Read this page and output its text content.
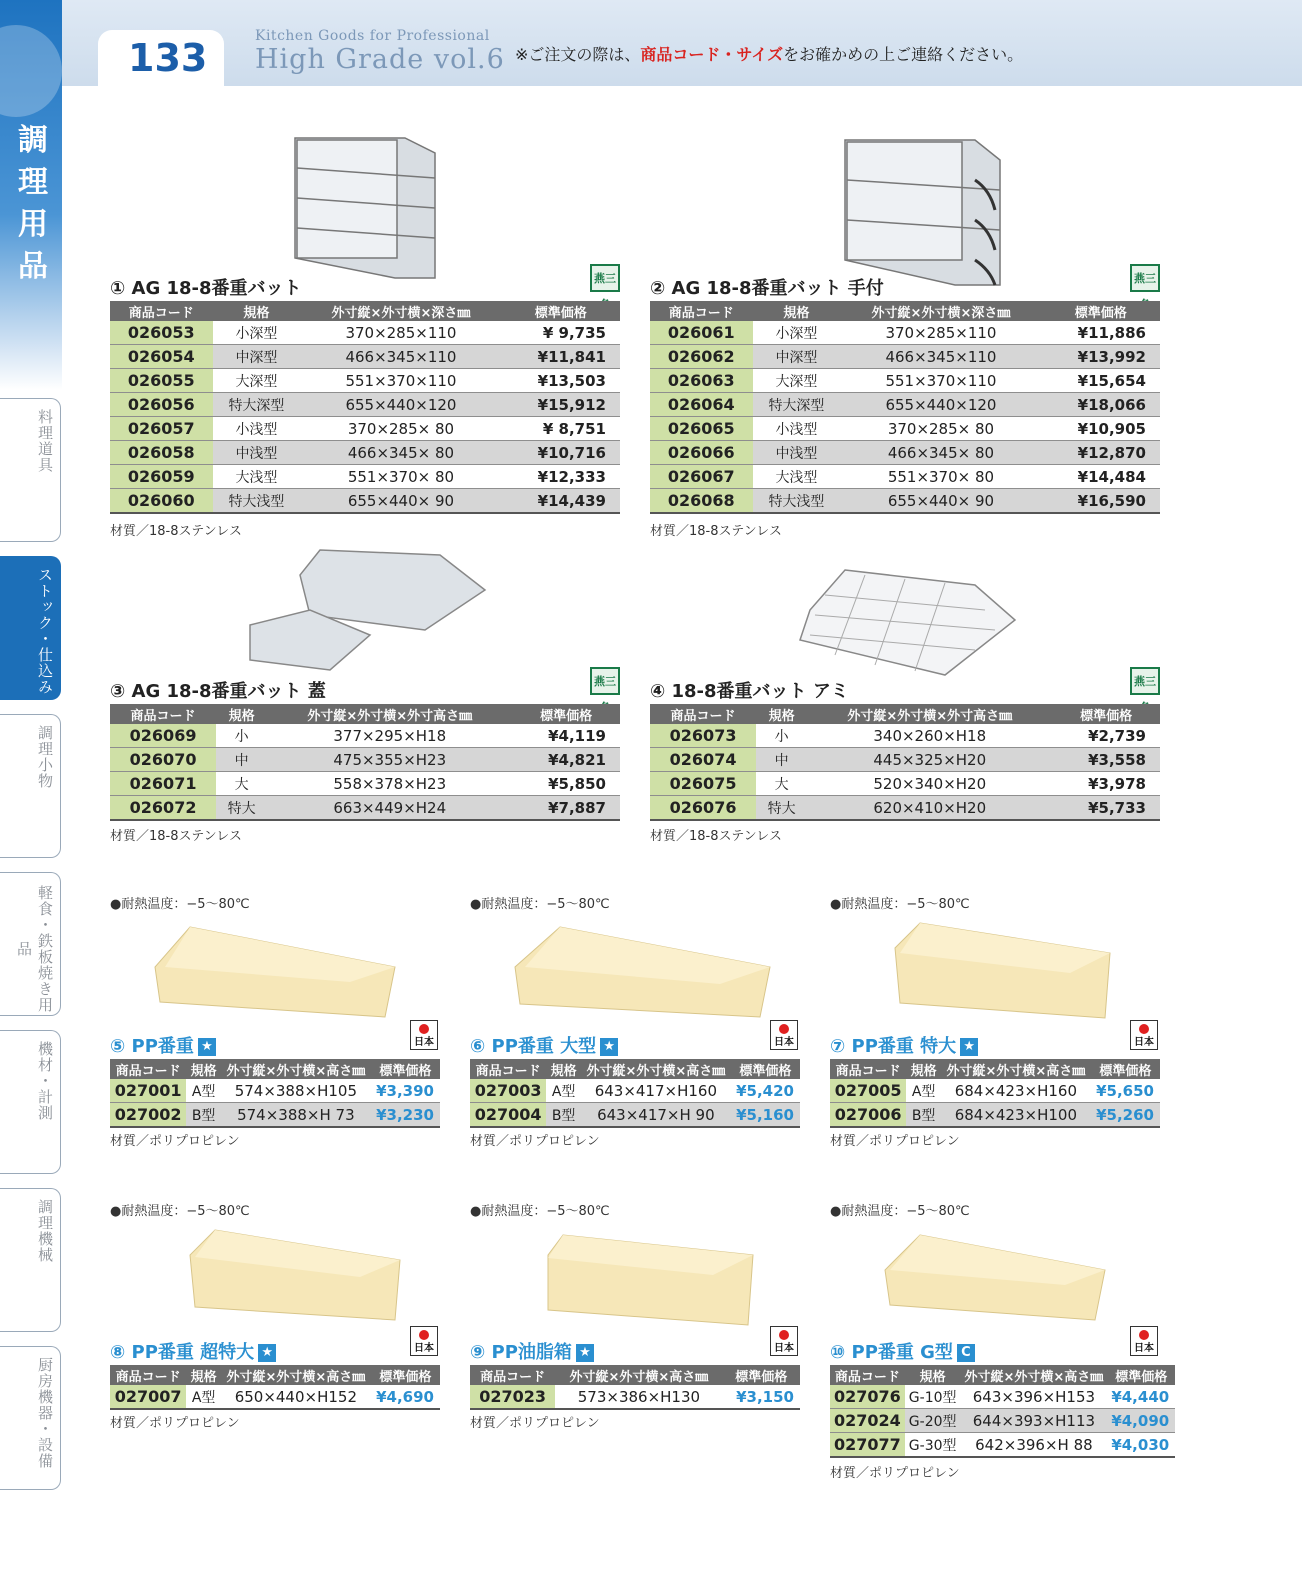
調理用品
133	Kitchen Goods for Professional
High Grade vol.6 ※ご注文の際は、商品コード・サイズをお確かめの上ご連絡ください。
料理道具
ストック・仕込み
調理小物
軽食・鉄板焼き用品
機材・計測
調理機械
厨房機器・設備
① AG 18-8番重バット	燕三
商品コード	規格	外寸縦×外寸横×深さ㎜	標準価格
026053	小深型	370×285×110	¥ 9,735
026054	中深型	466×345×110	¥11,841
026055	大深型	551×370×110	¥13,503
026056	特大深型	655×440×120	¥15,912
026057	小浅型	370×285× 80	¥ 8,751
026058	中浅型	466×345× 80	¥10,716
026059	大浅型	551×370× 80	¥12,333
026060	特大浅型	655×440× 90	¥14,439
材質／18-8ステンレス
② AG 18-8番重バット 手付	燕三
商品コード	規格	外寸縦×外寸横×深さ㎜	標準価格
026061	小深型	370×285×110	¥11,886
026062	中深型	466×345×110	¥13,992
026063	大深型	551×370×110	¥15,654
026064	特大深型	655×440×120	¥18,066
026065	小浅型	370×285× 80	¥10,905
026066	中浅型	466×345× 80	¥12,870
026067	大浅型	551×370× 80	¥14,484
026068	特大浅型	655×440× 90	¥16,590
材質／18-8ステンレス
③ AG 18-8番重バット 蓋	燕三
商品コード	規格	外寸縦×外寸横×外寸高さ㎜	標準価格
026069	小	377×295×H18	¥4,119
026070	中	475×355×H23	¥4,821
026071	大	558×378×H23	¥5,850
026072	特大	663×449×H24	¥7,887
材質／18-8ステンレス
④ 18-8番重バット アミ	燕三
商品コード	規格	外寸縦×外寸横×外寸高さ㎜	標準価格
026073	小	340×260×H18	¥2,739
026074	中	445×325×H20	¥3,558
026075	大	520×340×H20	¥3,978
026076	特大	620×410×H20	¥5,733
材質／18-8ステンレス
●耐熱温度：−5〜80℃	●耐熱温度：−5〜80℃	●耐熱温度：−5〜80℃
●耐熱温度：−5〜80℃	●耐熱温度：−5〜80℃	●耐熱温度：−5〜80℃
⑤ PP番重 ★	日本
商品コード	規格	外寸縦×外寸横×高さ㎜	標準価格
027001	A型	574×388×H105	¥3,390
027002	B型	574×388×H 73	¥3,230
材質／ポリプロピレン
⑥ PP番重 大型 ★	日本
商品コード	規格	外寸縦×外寸横×高さ㎜	標準価格
027003	A型	643×417×H160	¥5,420
027004	B型	643×417×H 90	¥5,160
材質／ポリプロピレン
⑦ PP番重 特大 ★	日本
商品コード	規格	外寸縦×外寸横×高さ㎜	標準価格
027005	A型	684×423×H160	¥5,650
027006	B型	684×423×H100	¥5,260
材質／ポリプロピレン
⑧ PP番重 超特大 ★	日本
商品コード	規格	外寸縦×外寸横×高さ㎜	標準価格
027007	A型	650×440×H152	¥4,690
材質／ポリプロピレン
⑨ PP油脂箱 ★	日本
商品コード	外寸縦×外寸横×高さ㎜	標準価格
027023	573×386×H130	¥3,150
材質／ポリプロピレン
⑩ PP番重 G型 C	日本
商品コード	規格	外寸縦×外寸横×高さ㎜	標準価格
027076	G-10型	643×396×H153	¥4,440
027024	G-20型	644×393×H113	¥4,090
027077	G-30型	642×396×H 88	¥4,030
材質／ポリプロピレン
